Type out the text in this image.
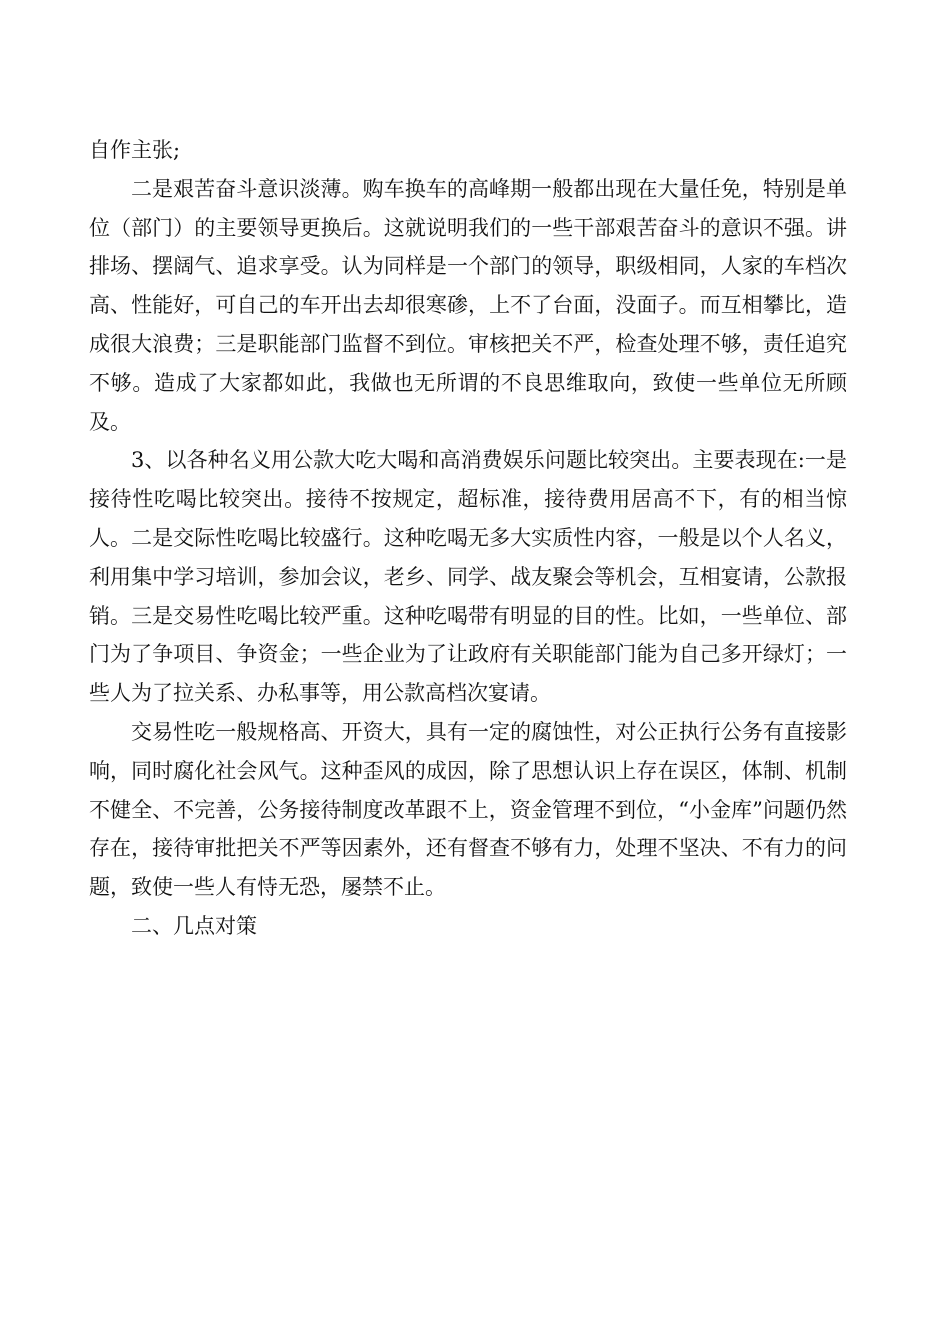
自作主张;

二是艰苦奋斗意识淡薄。购车换车的高峰期一般都出现在大量任免，特别是单位（部门）的主要领导更换后。这就说明我们的一些干部艰苦奋斗的意识不强。讲排场、摆阔气、追求享受。认为同样是一个部门的领导，职级相同，人家的车档次高、性能好，可自己的车开出去却很寒碜，上不了台面，没面子。而互相攀比，造成很大浪费；三是职能部门监督不到位。审核把关不严，检查处理不够，责任追究不够。造成了大家都如此，我做也无所谓的不良思维取向，致使一些单位无所顾及。

3、以各种名义用公款大吃大喝和高消费娱乐问题比较突出。主要表现在:一是接待性吃喝比较突出。接待不按规定，超标准，接待费用居高不下，有的相当惊人。二是交际性吃喝比较盛行。这种吃喝无多大实质性内容，一般是以个人名义，利用集中学习培训，参加会议，老乡、同学、战友聚会等机会，互相宴请，公款报销。三是交易性吃喝比较严重。这种吃喝带有明显的目的性。比如，一些单位、部门为了争项目、争资金；一些企业为了让政府有关职能部门能为自己多开绿灯；一些人为了拉关系、办私事等，用公款高档次宴请。

交易性吃一般规格高、开资大，具有一定的腐蚀性，对公正执行公务有直接影响，同时腐化社会风气。这种歪风的成因，除了思想认识上存在误区，体制、机制不健全、不完善，公务接待制度改革跟不上，资金管理不到位，“小金库”问题仍然存在，接待审批把关不严等因素外，还有督查不够有力，处理不坚决、不有力的问题，致使一些人有恃无恐，屡禁不止。

二、几点对策
